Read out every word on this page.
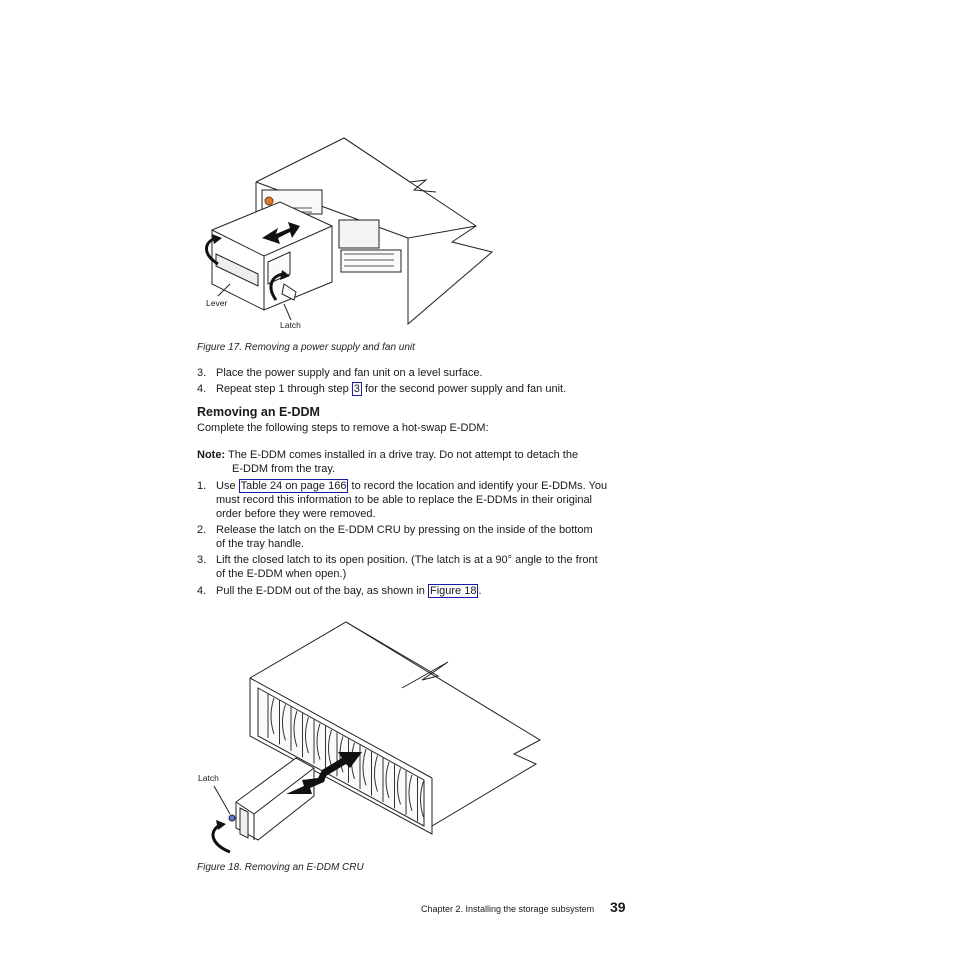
Lever
Latch
Figure 17. Removing a power supply and fan unit
3. Place the power supply and fan unit on a level surface.
4. Repeat step 1 through step 3 for the second power supply and fan unit.
Removing an E-DDM
Complete the following steps to remove a hot-swap E-DDM:
Note: The E-DDM comes installed in a drive tray. Do not attempt to detach the
E-DDM from the tray.
1. Use Table 24 on page 166 to record the location and identify your E-DDMs. You
must record this information to be able to replace the E-DDMs in their original
order before they were removed.
2. Release the latch on the E-DDM CRU by pressing on the inside of the bottom
of the tray handle.
3. Lift the closed latch to its open position. (The latch is at a 90° angle to the front
of the E-DDM when open.)
4. Pull the E-DDM out of the bay, as shown in Figure 18 .
Latch
Figure 18. Removing an E-DDM CRU
Chapter 2. Installing the storage subsystem 39
